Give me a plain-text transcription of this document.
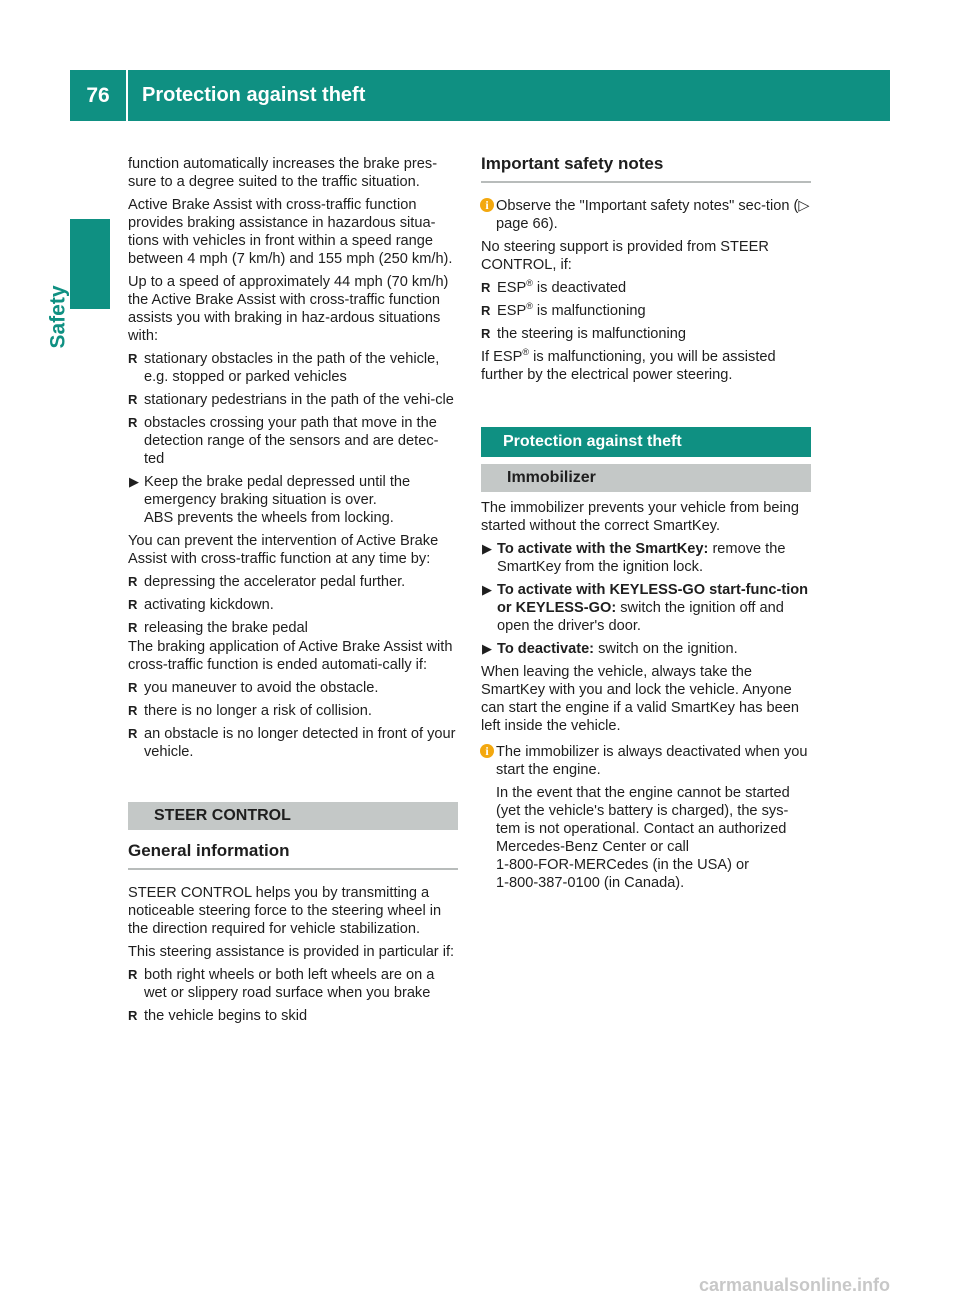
76	Protection against theft
Safety

function automatically increases the brake pres-sure to a degree suited to the traffic situation.

Active Brake Assist with cross-traffic function provides braking assistance in hazardous situa-tions with vehicles in front within a speed range between 4 mph (7 km/h) and 155 mph (250 km/h).

Up to a speed of approximately 44 mph (70 km/h) the Active Brake Assist with cross-traffic function assists you with braking in haz-ardous situations with:

R stationary obstacles in the path of the vehicle, e.g. stopped or parked vehicles
R stationary pedestrians in the path of the vehi-cle
R obstacles crossing your path that move in the detection range of the sensors and are detec-ted
▶ Keep the brake pedal depressed until the emergency braking situation is over.
ABS prevents the wheels from locking.

You can prevent the intervention of Active Brake Assist with cross-traffic function at any time by:

R depressing the accelerator pedal further.
R activating kickdown.
R releasing the brake pedal

The braking application of Active Brake Assist with cross-traffic function is ended automati-cally if:

R you maneuver to avoid the obstacle.
R there is no longer a risk of collision.
R an obstacle is no longer detected in front of your vehicle.
STEER CONTROL
General information

STEER CONTROL helps you by transmitting a noticeable steering force to the steering wheel in the direction required for vehicle stabilization.

This steering assistance is provided in particular if:

R both right wheels or both left wheels are on a wet or slippery road surface when you brake
R the vehicle begins to skid
Important safety notes
i Observe the "Important safety notes" sec-tion (▷ page 66).

No steering support is provided from STEER CONTROL, if:

R ESP® is deactivated
R ESP® is malfunctioning
R the steering is malfunctioning

If ESP® is malfunctioning, you will be assisted further by the electrical power steering.

Protection against theft
Immobilizer

The immobilizer prevents your vehicle from being started without the correct SmartKey.

▶ To activate with the SmartKey: remove the SmartKey from the ignition lock.
▶ To activate with KEYLESS-GO start-func-tion or KEYLESS-GO: switch the ignition off and open the driver's door.
▶ To deactivate: switch on the ignition.

When leaving the vehicle, always take the SmartKey with you and lock the vehicle. Anyone can start the engine if a valid SmartKey has been left inside the vehicle.

i The immobilizer is always deactivated when you start the engine.
In the event that the engine cannot be started (yet the vehicle's battery is charged), the sys-tem is not operational. Contact an authorized Mercedes-Benz Center or call
1-800-FOR-MERCedes (in the USA) or
1-800-387-0100 (in Canada).
carmanualsonline.info
